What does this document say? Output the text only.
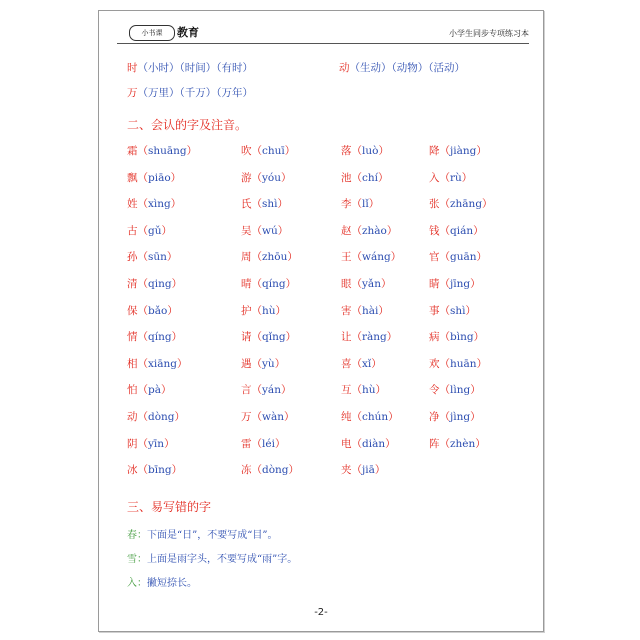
小书课	教育	小学生同步专项练习本
时（小时）（时间）（有时）	动（生动）（动物）（活动）
万（万里）（千万）（万年）
二、会认的字及注音。
霜（shuāng）	吹（chuī）	落（luò）	降（jiàng）
飘（piāo）	游（yóu）	池（chí）	入（rù）
姓（xìng）	氏（shì）	李（lǐ）	张（zhāng）
古（gǔ）	吴（wú）	赵（zhào）	钱（qián）
孙（sūn）	周（zhōu）	王（wáng）	官（guān）
清（qing）	晴（qíng）	眼（yǎn）	睛（jīng）
保（bǎo）	护（hù）	害（hài）	事（shì）
情（qíng）	请（qǐng）	让（ràng）	病（bìng）
相（xiāng）	遇（yù）	喜（xǐ）	欢（huān）
怕（pà）	言（yán）	互（hù）	令（lìng）
动（dòng）	万（wàn）	纯（chún）	净（jìng）
阴（yīn）	雷（léi）	电（diàn）	阵（zhèn）
冰（bīng）	冻（dòng）	夹（jiā）
三、易写错的字
春：下面是“日”，不要写成“目”。
雪：上面是雨字头，不要写成“雨”字。
入：撇短捺长。
-2-
